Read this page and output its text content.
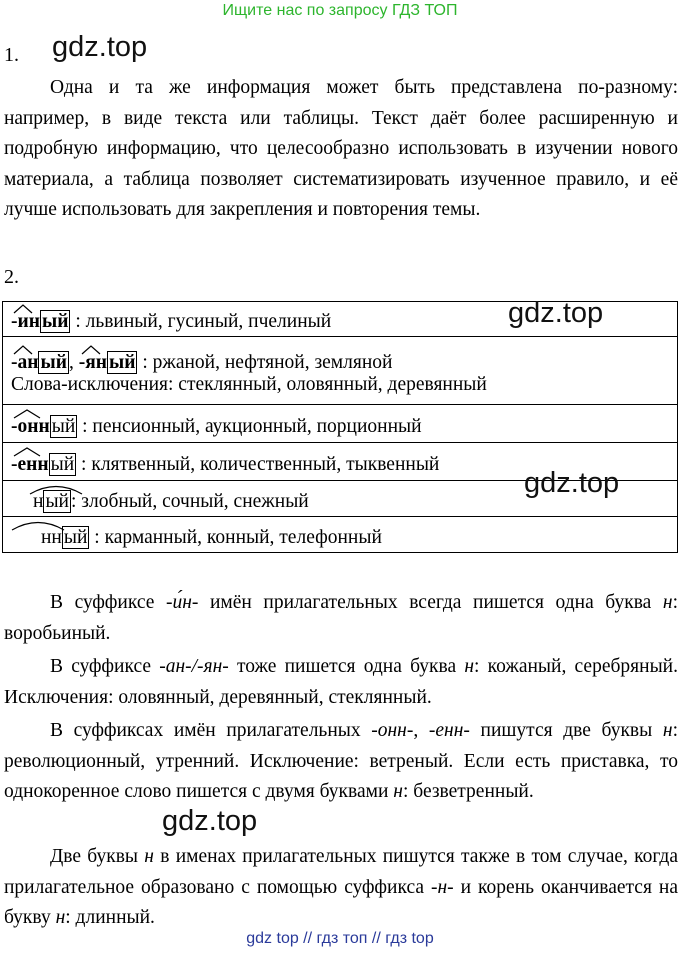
Ищите нас по запросу ГДЗ ТОП
1. gdz.top

Одна и та же информация может быть представлена по-разному: например, в виде текста или таблицы. Текст даёт более расширенную и подробную информацию, что целесообразно использовать в изучении нового материала, а таблица позволяет систематизировать изученное правило, и её лучше использовать для закрепления и повторения темы.

2.
-ин ый : львиный, гусиный, пчелиный

-ан ый ,
-ян ый : ржаной, нефтяной, земляной
Слова-исключения: стеклянный, оловянный, деревянный

-онн ый : пенсионный, аукционный, порционный

-енн ый : клятвенный, количественный, тыквенный

н ый : злобный, сочный, снежный

нн ый : карманный, конный, телефонный
gdz.top
gdz.top

В суффиксе -и́н- имён прилагательных всегда пишется одна буква н: воробьиный.

В суффиксе -ан-/-ян- тоже пишется одна буква н: кожаный, серебряный. Исключения: оловянный, деревянный, стеклянный.

В суффиксах имён прилагательных -онн-, -енн- пишутся две буквы н: революционный, утренний. Исключение: ветреный. Если есть приставка, то однокоренное слово пишется с двумя буквами н: безветренный.

gdz.top

Две буквы н в именах прилагательных пишутся также в том случае, когда прилагательное образовано с помощью суффикса -н- и корень оканчивается на букву н: длинный.

gdz top // гдз топ // гдз top
